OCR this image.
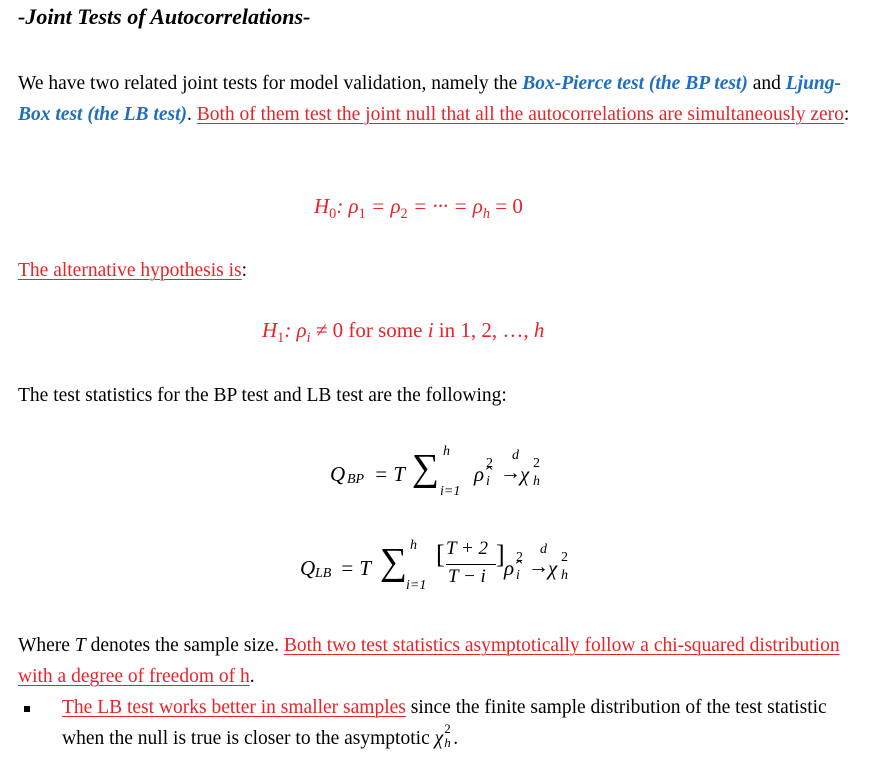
-Joint Tests of Autocorrelations-

We have two related joint tests for model validation, namely the Box-Pierce test (the BP test) and Ljung-Box test (the LB test). Both of them test the joint null that all the autocorrelations are simultaneously zero:

$H_0$: $\rho_1 = \rho_2$ = ··· = $\rho_h = 0$

The alternative hypothesis is:

$H_1$: $\rho_i \ne 0$ for some i in 1, 2, …, h

The test statistics for the BP test and LB test are the following:

Q BP = T ∑ h
i=1
ρ̂ 2
i
d
→ χ 2
h
Q LB = T ∑ h
i=1
[ T + 2
T − i
] ρ̂ 2
i
d
→ χ 2
h

Where T denotes the sample size. Both two test statistics asymptotically follow a chi-squared distribution with a degree of freedom of h.

The LB test works better in smaller samples since the finite sample distribution of the test statistic when the null is true is closer to the asymptotic χ 2
h .
